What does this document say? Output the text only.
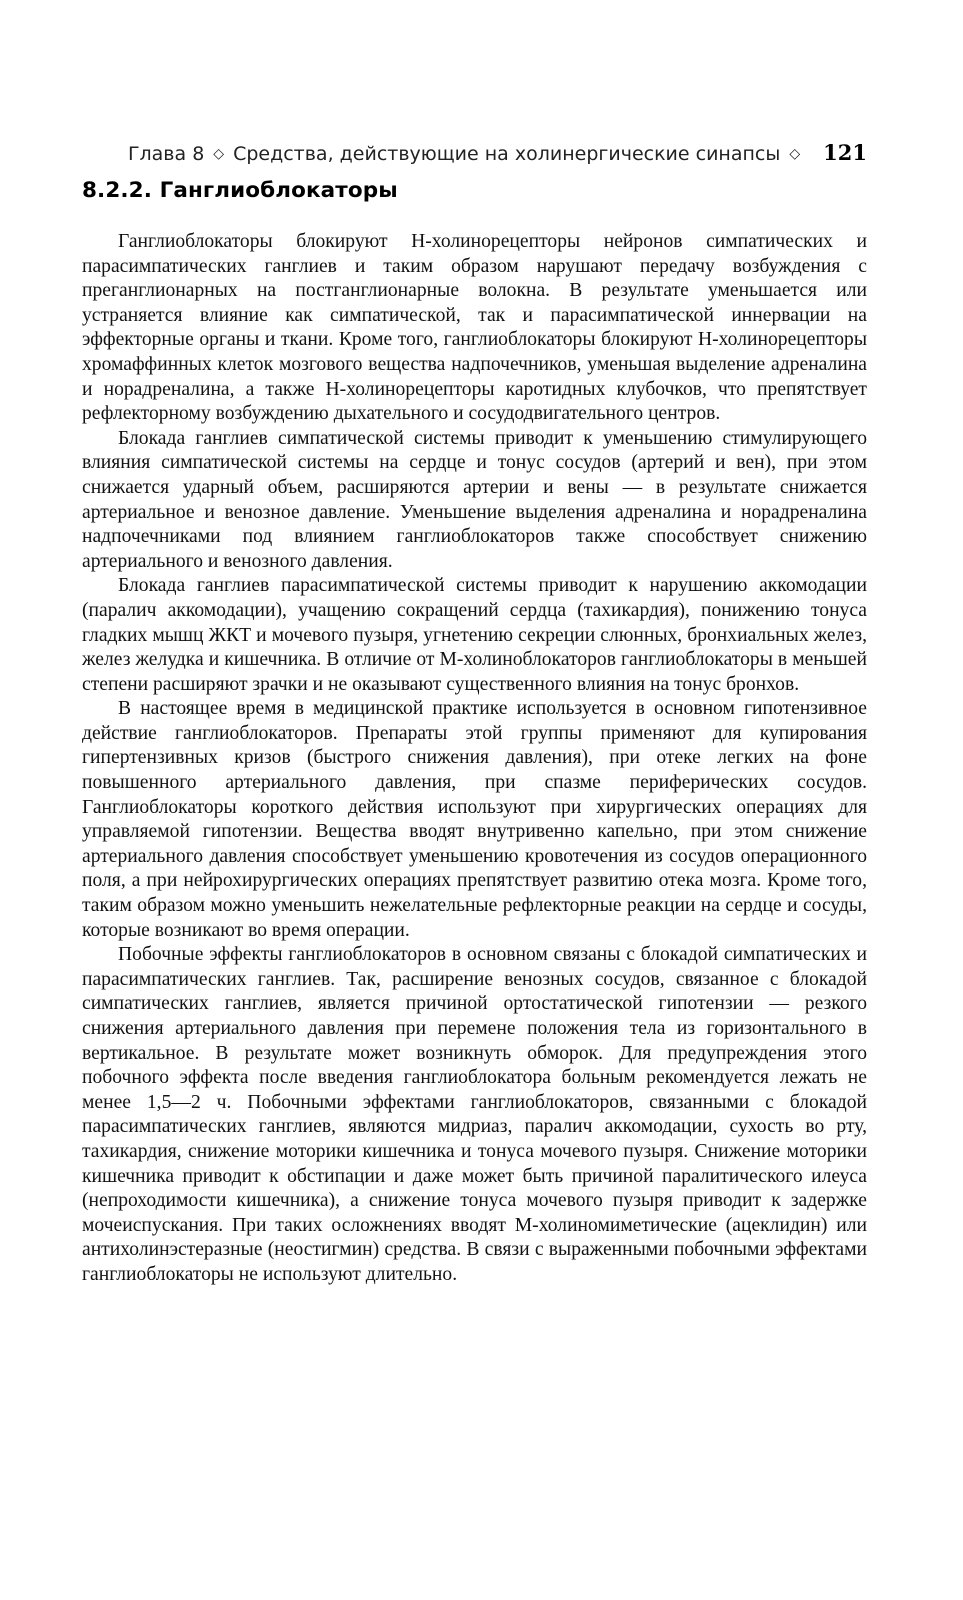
Глава 8 ◇ Средства, действующие на холинергические синапсы ◇ 121
8.2.2. Ганглиоблокаторы

Ганглиоблокаторы блокируют Н-холинорецепторы нейронов симпатических и парасимпатических ганглиев и таким образом нарушают передачу возбуждения с преганглионарных на постганглионарные волокна. В результате уменьшается или устраняется влияние как симпатической, так и парасимпатической иннервации на эффекторные органы и ткани. Кроме того, ганглиоблокаторы блокируют Н-холинорецепторы хромаффинных клеток мозгового вещества надпочечников, уменьшая выделение адреналина и норадреналина, а также Н-холинорецепторы каротидных клубочков, что препятствует рефлекторному возбуждению дыхательного и сосудодвигательного центров.

Блокада ганглиев симпатической системы приводит к уменьшению стимулирующего влияния симпатической системы на сердце и тонус сосудов (артерий и вен), при этом снижается ударный объем, расширяются артерии и вены — в результате снижается артериальное и венозное давление. Уменьшение выделения адреналина и норадреналина надпочечниками под влиянием ганглиоблокаторов также способствует снижению артериального и венозного давления.

Блокада ганглиев парасимпатической системы приводит к нарушению аккомодации (паралич аккомодации), учащению сокращений сердца (тахикардия), понижению тонуса гладких мышц ЖКТ и мочевого пузыря, угнетению секреции слюнных, бронхиальных желез, желез желудка и кишечника. В отличие от М-холиноблокаторов ганглиоблокаторы в меньшей степени расширяют зрачки и не оказывают существенного влияния на тонус бронхов.

В настоящее время в медицинской практике используется в основном гипотензивное действие ганглиоблокаторов. Препараты этой группы применяют для купирования гипертензивных кризов (быстрого снижения давления), при отеке легких на фоне повышенного артериального давления, при спазме периферических сосудов. Ганглиоблокаторы короткого действия используют при хирургических операциях для управляемой гипотензии. Вещества вводят внутривенно капельно, при этом снижение артериального давления способствует уменьшению кровотечения из сосудов операционного поля, а при нейрохирургических операциях препятствует развитию отека мозга. Кроме того, таким образом можно уменьшить нежелательные рефлекторные реакции на сердце и сосуды, которые возникают во время операции.

Побочные эффекты ганглиоблокаторов в основном связаны с блокадой симпатических и парасимпатических ганглиев. Так, расширение венозных сосудов, связанное с блокадой симпатических ганглиев, является причиной ортостатической гипотензии — резкого снижения артериального давления при перемене положения тела из горизонтального в вертикальное. В результате может возникнуть обморок. Для предупреждения этого побочного эффекта после введения ганглиоблокатора больным рекомендуется лежать не менее 1,5—2 ч. Побочными эффектами ганглиоблокаторов, связанными с блокадой парасимпатических ганглиев, являются мидриаз, паралич аккомодации, сухость во рту, тахикардия, снижение моторики кишечника и тонуса мочевого пузыря. Снижение моторики кишечника приводит к обстипации и даже может быть причиной паралитического илеуса (непроходимости кишечника), а снижение тонуса мочевого пузыря приводит к задержке мочеиспускания. При таких осложнениях вводят М-холиномиметические (ацеклидин) или антихолинэстеразные (неостигмин) средства. В связи с выраженными побочными эффектами ганглиоблокаторы не используют длительно.
